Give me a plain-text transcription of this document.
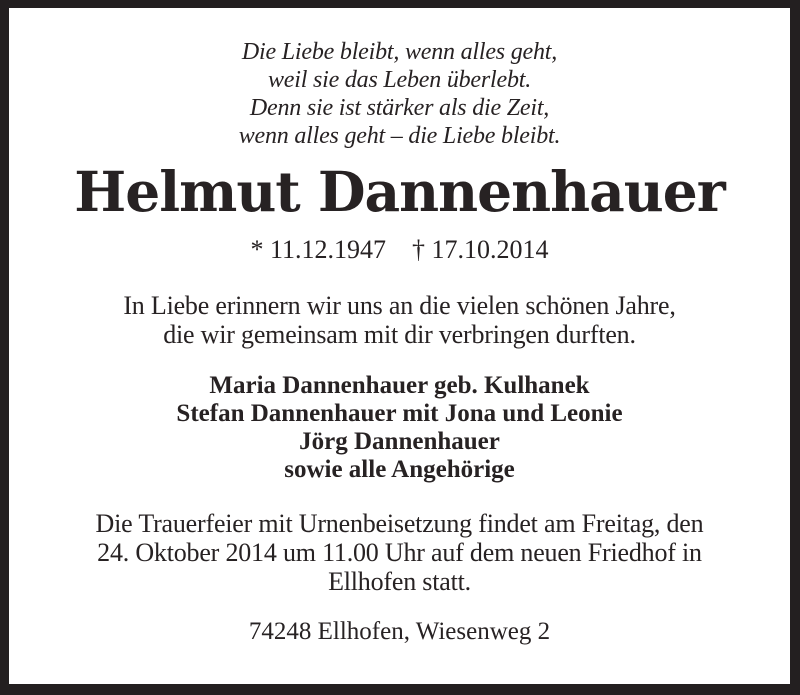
Die Liebe bleibt, wenn alles geht,
weil sie das Leben überlebt.
Denn sie ist stärker als die Zeit,
wenn alles geht – die Liebe bleibt.
Helmut Dannenhauer
* 11.12.1947 † 17.10.2014
In Liebe erinnern wir uns an die vielen schönen Jahre,
die wir gemeinsam mit dir verbringen durften.
Maria Dannenhauer geb. Kulhanek
Stefan Dannenhauer mit Jona und Leonie
Jörg Dannenhauer
sowie alle Angehörige
Die Trauerfeier mit Urnenbeisetzung findet am Freitag, den
24. Oktober 2014 um 11.00 Uhr auf dem neuen Friedhof in
Ellhofen statt.
74248 Ellhofen, Wiesenweg 2
